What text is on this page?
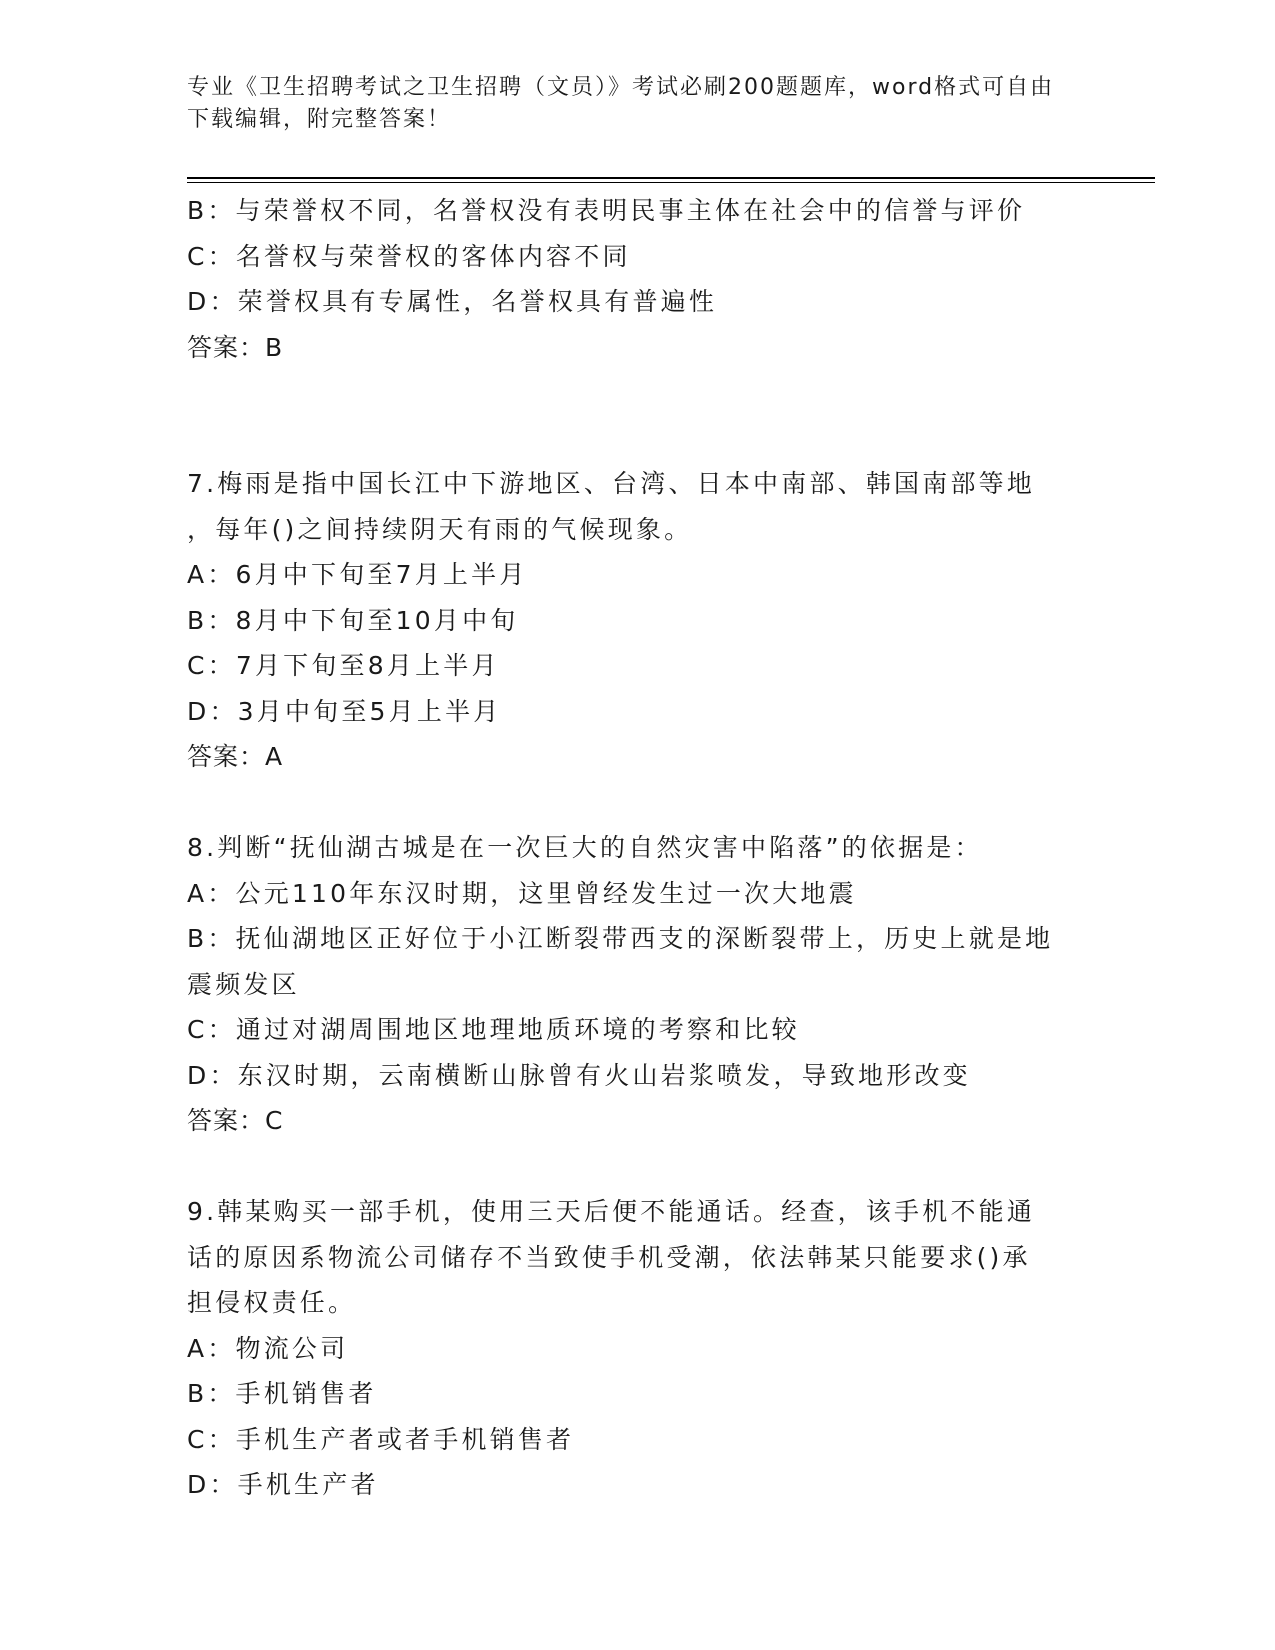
专业《卫生招聘考试之卫生招聘（文员）》考试必刷200题题库，word格式可自由下载编辑，附完整答案！
B：与荣誉权不同，名誉权没有表明民事主体在社会中的信誉与评价
C：名誉权与荣誉权的客体内容不同
D：荣誉权具有专属性，名誉权具有普遍性
答案：B
7.梅雨是指中国长江中下游地区、台湾、日本中南部、韩国南部等地
，每年()之间持续阴天有雨的气候现象。
A：6月中下旬至7月上半月
B：8月中下旬至10月中旬
C：7月下旬至8月上半月
D：3月中旬至5月上半月
答案：A
8.判断“抚仙湖古城是在一次巨大的自然灾害中陷落”的依据是：
A：公元110年东汉时期，这里曾经发生过一次大地震
B：抚仙湖地区正好位于小江断裂带西支的深断裂带上，历史上就是地
震频发区
C：通过对湖周围地区地理地质环境的考察和比较
D：东汉时期，云南横断山脉曾有火山岩浆喷发，导致地形改变
答案：C
9.韩某购买一部手机，使用三天后便不能通话。经查，该手机不能通
话的原因系物流公司储存不当致使手机受潮，依法韩某只能要求()承
担侵权责任。
A：物流公司
B：手机销售者
C：手机生产者或者手机销售者
D：手机生产者
